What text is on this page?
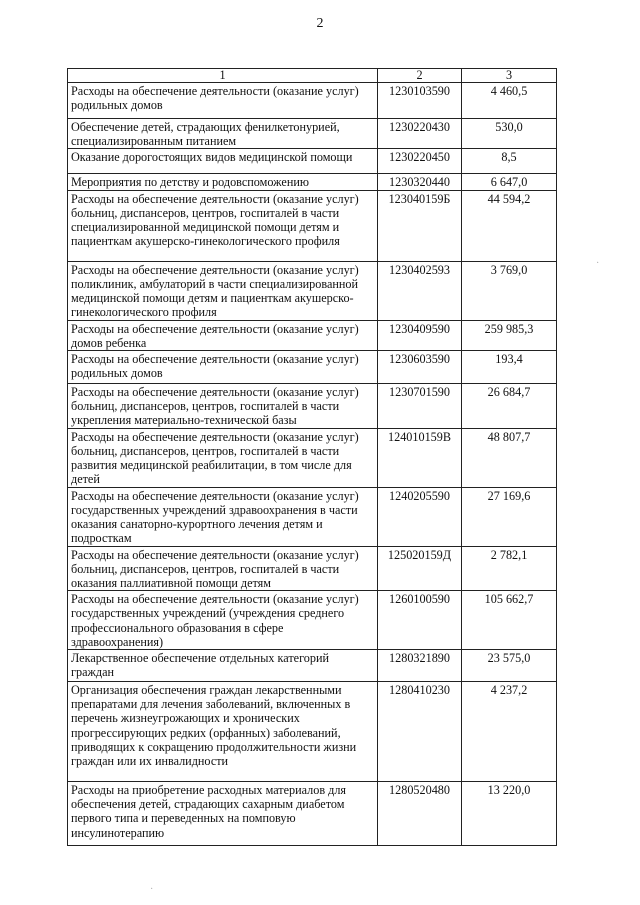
2
1	2	3
Расходы на обеспечение деятельности (оказание услуг) родильных домов	1230103590	4 460,5
Обеспечение детей, страдающих фенилкетонурией, специализированным питанием	1230220430	530,0
Оказание дорогостоящих видов медицинской помощи	1230220450	8,5
Мероприятия по детству и родовспоможению	1230320440	6 647,0
Расходы на обеспечение деятельности (оказание услуг) больниц, диспансеров, центров, госпиталей в части специализированной медицинской помощи детям и пациенткам акушерско-гинекологического профиля	123040159Б	44 594,2
Расходы на обеспечение деятельности (оказание услуг) поликлиник, амбулаторий в части специализированной медицинской помощи детям и пациенткам акушерско-гинекологического профиля	1230402593	3 769,0
Расходы на обеспечение деятельности (оказание услуг) домов ребенка	1230409590	259 985,3
Расходы на обеспечение деятельности (оказание услуг) родильных домов	1230603590	193,4
Расходы на обеспечение деятельности (оказание услуг) больниц, диспансеров, центров, госпиталей в части укрепления материально-технической базы	1230701590	26 684,7
Расходы на обеспечение деятельности (оказание услуг) больниц, диспансеров, центров, госпиталей в части развития медицинской реабилитации, в том числе для детей	124010159В	48 807,7
Расходы на обеспечение деятельности (оказание услуг) государственных учреждений здравоохранения в части оказания санаторно-курортного лечения детям и подросткам	1240205590	27 169,6
Расходы на обеспечение деятельности (оказание услуг) больниц, диспансеров, центров, госпиталей в части оказания паллиативной помощи детям	125020159Д	2 782,1
Расходы на обеспечение деятельности (оказание услуг) государственных учреждений (учреждения среднего профессионального образования в сфере здравоохранения)	1260100590	105 662,7
Лекарственное обеспечение отдельных категорий граждан	1280321890	23 575,0
Организация обеспечения граждан лекарственными препаратами для лечения заболеваний, включенных в перечень жизнеугрожающих и хронических прогрессирующих редких (орфанных) заболеваний, приводящих к сокращению продолжительности жизни граждан или их инвалидности	1280410230	4 237,2
Расходы на приобретение расходных материалов для обеспечения детей, страдающих сахарным диабетом первого типа и переведенных на помповую инсулинотерапию	1280520480	13 220,0
·
·
